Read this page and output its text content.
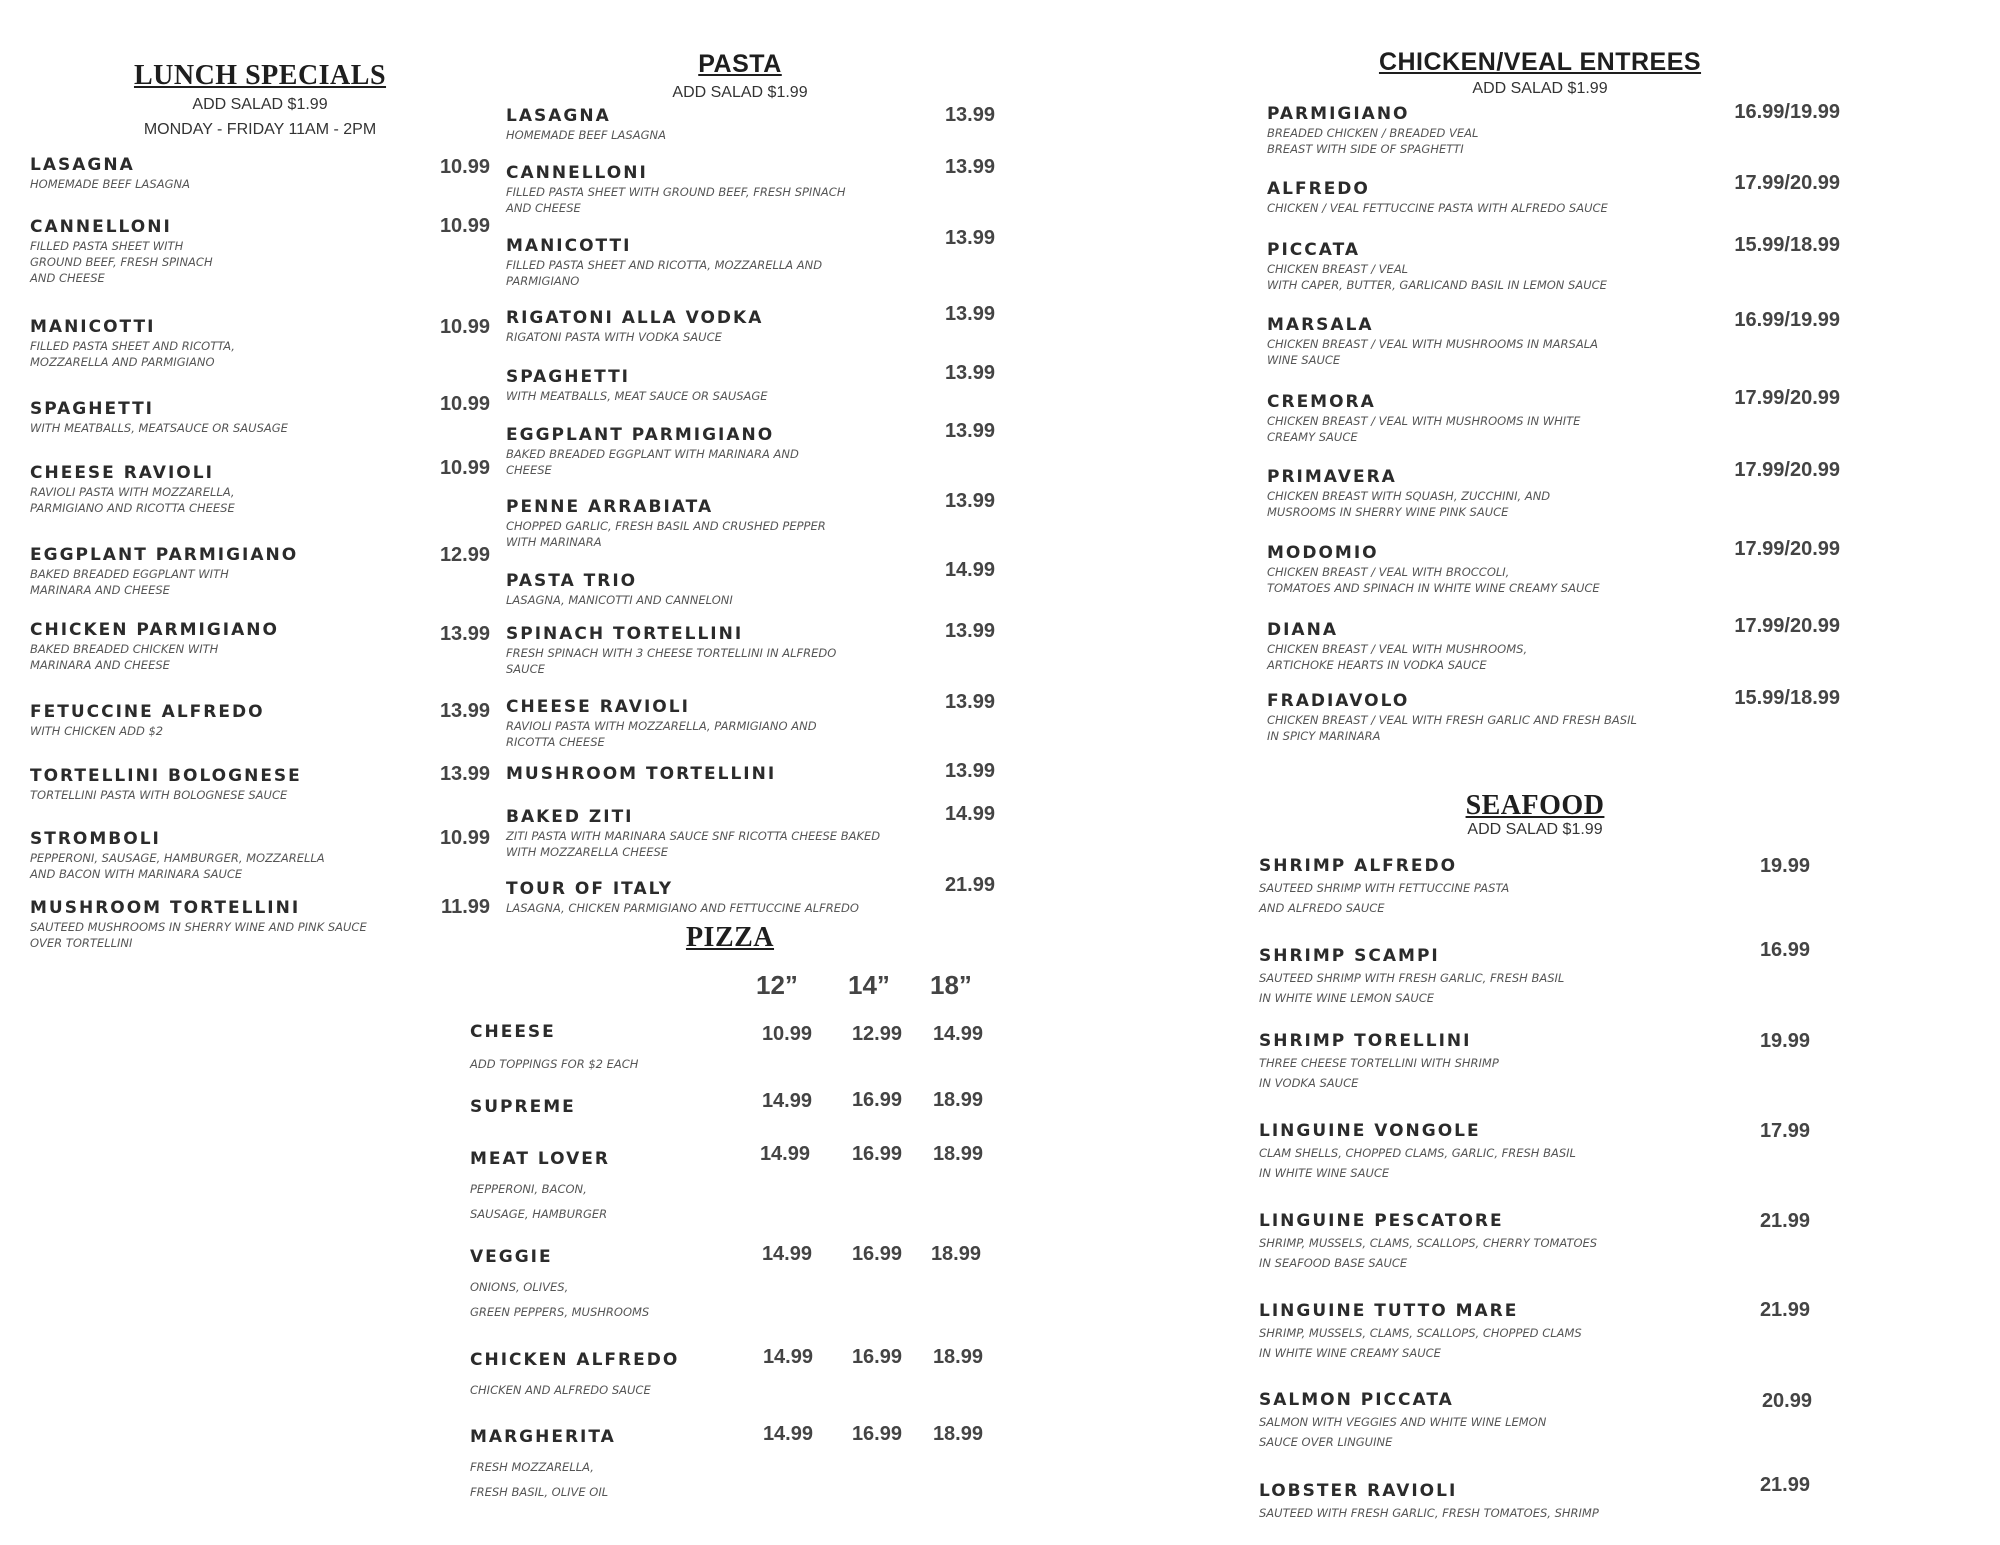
LUNCH SPECIALS
ADD SALAD $1.99
MONDAY - FRIDAY 11AM - 2PM
LASAGNA
HOMEMADE BEEF LASAGNA
10.99
CANNELLONI
FILLED PASTA SHEET WITH GROUND BEEF, FRESH SPINACH AND CHEESE
10.99
MANICOTTI
FILLED PASTA SHEET AND RICOTTA, MOZZARELLA AND PARMIGIANO
10.99
SPAGHETTI
WITH MEATBALLS, MEATSAUCE OR SAUSAGE
10.99
CHEESE RAVIOLI
RAVIOLI PASTA WITH MOZZARELLA, PARMIGIANO AND RICOTTA CHEESE
10.99
EGGPLANT PARMIGIANO
BAKED BREADED EGGPLANT WITH MARINARA AND CHEESE
12.99
CHICKEN PARMIGIANO
BAKED BREADED CHICKEN WITH MARINARA AND CHEESE
13.99
FETUCCINE ALFREDO
WITH CHICKEN ADD $2
13.99
TORTELLINI BOLOGNESE
TORTELLINI PASTA WITH BOLOGNESE SAUCE
13.99
STROMBOLI
PEPPERONI, SAUSAGE, HAMBURGER, MOZZARELLA AND BACON WITH MARINARA SAUCE
10.99
MUSHROOM TORTELLINI
SAUTEED MUSHROOMS IN SHERRY WINE AND PINK SAUCE OVER TORTELLINI
11.99
PASTA
ADD SALAD $1.99
LASAGNA
HOMEMADE BEEF LASAGNA
13.99
CANNELLONI
FILLED PASTA SHEET WITH GROUND BEEF, FRESH SPINACH AND CHEESE
13.99
MANICOTTI
FILLED PASTA SHEET AND RICOTTA, MOZZARELLA AND PARMIGIANO
13.99
RIGATONI ALLA VODKA
RIGATONI PASTA WITH VODKA SAUCE
13.99
SPAGHETTI
WITH MEATBALLS, MEAT SAUCE OR SAUSAGE
13.99
EGGPLANT PARMIGIANO
BAKED BREADED EGGPLANT WITH MARINARA AND CHEESE
13.99
PENNE ARRABIATA
CHOPPED GARLIC, FRESH BASIL AND CRUSHED PEPPER WITH MARINARA
13.99
PASTA TRIO
LASAGNA, MANICOTTI AND CANNELONI
14.99
SPINACH TORTELLINI
FRESH SPINACH WITH 3 CHEESE TORTELLINI IN ALFREDO SAUCE
13.99
CHEESE RAVIOLI
RAVIOLI PASTA WITH MOZZARELLA, PARMIGIANO AND RICOTTA CHEESE
13.99
MUSHROOM TORTELLINI	13.99
BAKED ZITI
ZITI PASTA WITH MARINARA SAUCE SNF RICOTTA CHEESE BAKED WITH MOZZARELLA CHEESE
14.99
TOUR OF ITALY
LASAGNA, CHICKEN PARMIGIANO AND FETTUCCINE ALFREDO
21.99
PIZZA
12” 14” 18”
CHEESE
ADD TOPPINGS FOR $2 EACH
10.99	12.99	14.99
SUPREME	14.99	16.99	18.99
MEAT LOVER
PEPPERONI, BACON,
SAUSAGE, HAMBURGER
14.99	16.99	18.99
VEGGIE
ONIONS, OLIVES,
GREEN PEPPERS, MUSHROOMS
14.99	16.99	18.99
CHICKEN ALFREDO
CHICKEN AND ALFREDO SAUCE
14.99	16.99	18.99
MARGHERITA
FRESH MOZZARELLA,
FRESH BASIL, OLIVE OIL
14.99	16.99	18.99
CHICKEN/VEAL ENTREES
ADD SALAD $1.99
PARMIGIANO
BREADED CHICKEN / BREADED VEAL
BREAST WITH SIDE OF SPAGHETTI
16.99/19.99
ALFREDO
CHICKEN / VEAL FETTUCCINE PASTA WITH ALFREDO SAUCE
17.99/20.99
PICCATA
CHICKEN BREAST / VEAL
WITH CAPER, BUTTER, GARLICAND BASIL IN LEMON SAUCE
15.99/18.99
MARSALA
CHICKEN BREAST / VEAL WITH MUSHROOMS IN MARSALA
WINE SAUCE
16.99/19.99
CREMORA
CHICKEN BREAST / VEAL WITH MUSHROOMS IN WHITE
CREAMY SAUCE
17.99/20.99
PRIMAVERA
CHICKEN BREAST WITH SQUASH, ZUCCHINI, AND
MUSROOMS IN SHERRY WINE PINK SAUCE
17.99/20.99
MODOMIO
CHICKEN BREAST / VEAL WITH BROCCOLI,
TOMATOES AND SPINACH IN WHITE WINE CREAMY SAUCE
17.99/20.99
DIANA
CHICKEN BREAST / VEAL WITH MUSHROOMS,
ARTICHOKE HEARTS IN VODKA SAUCE
17.99/20.99
FRADIAVOLO
CHICKEN BREAST / VEAL WITH FRESH GARLIC AND FRESH BASIL
IN SPICY MARINARA
15.99/18.99
SEAFOOD
ADD SALAD $1.99
SHRIMP ALFREDO
SAUTEED SHRIMP WITH FETTUCCINE PASTA
AND ALFREDO SAUCE
19.99
SHRIMP SCAMPI
SAUTEED SHRIMP WITH FRESH GARLIC, FRESH BASIL
IN WHITE WINE LEMON SAUCE
16.99
SHRIMP TORELLINI
THREE CHEESE TORTELLINI WITH SHRIMP
IN VODKA SAUCE
19.99
LINGUINE VONGOLE
CLAM SHELLS, CHOPPED CLAMS, GARLIC, FRESH BASIL
IN WHITE WINE SAUCE
17.99
LINGUINE PESCATORE
SHRIMP, MUSSELS, CLAMS, SCALLOPS, CHERRY TOMATOES
IN SEAFOOD BASE SAUCE
21.99
LINGUINE TUTTO MARE
SHRIMP, MUSSELS, CLAMS, SCALLOPS, CHOPPED CLAMS
IN WHITE WINE CREAMY SAUCE
21.99
SALMON PICCATA
SALMON WITH VEGGIES AND WHITE WINE LEMON
SAUCE OVER LINGUINE
20.99
LOBSTER RAVIOLI
SAUTEED WITH FRESH GARLIC, FRESH TOMATOES, SHRIMP
21.99
